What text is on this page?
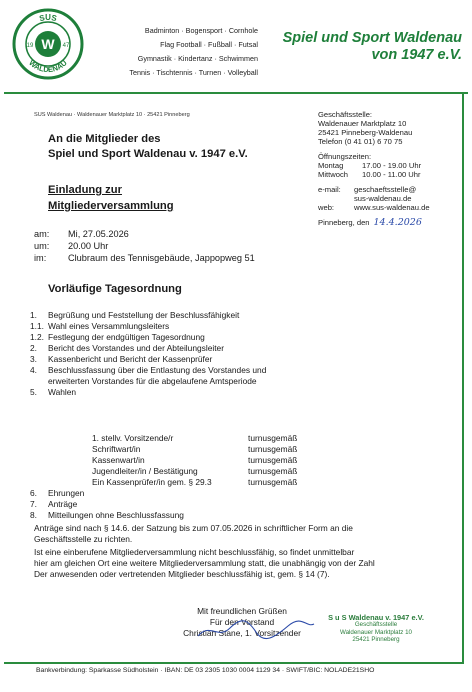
SUS
WALDENAU
W
19	47
Badminton · Bogensport · Cornhole
Flag Football · Fußball · Futsal
Gymnastik · Kindertanz · Schwimmen
Tennis · Tischtennis · Turnen · Volleyball
Spiel und Sport Waldenau
von 1947 e.V.
SUS Waldenau · Waldenauer Marktplatz 10 · 25421 Pinneberg
An die Mitglieder des
Spiel und Sport Waldenau v. 1947 e.V.
Einladung zur
Mitgliederversammlung
am:	Mi, 27.05.2026
um:	20.00 Uhr
im:	Clubraum des Tennisgebäude, Jappopweg 51
Geschäftsstelle:
Waldenauer Marktplatz 10
25421 Pinneberg-Waldenau
Telefon (0 41 01) 6 70 75
Öffnungszeiten:
Montag	17.00 - 19.00 Uhr
Mittwoch	10.00 - 11.00 Uhr
e-mail:	geschaeftsstelle@
sus-waldenau.de
web:	www.sus-waldenau.de
Pinneberg, den 14.4.2026
Vorläufige Tagesordnung
1.	Begrüßung und Feststellung der Beschlussfähigkeit
1.1. Wahl eines Versammlungsleiters
1.2. Festlegung der endgültigen Tagesordnung
2.	Bericht des Vorstandes und der Abteilungsleiter
3.	Kassenbericht und Bericht der Kassenprüfer
4.	Beschlussfassung über die Entlastung des Vorstandes und
erweiterten Vorstandes für die abgelaufene Amtsperiode
5.	Wahlen
1. stellv. Vorsitzende/r	turnusgemäß
Schriftwart/in	turnusgemäß
Kassenwart/in	turnusgemäß
Jugendleiter/in / Bestätigung	turnusgemäß
Ein Kassenprüfer/in gem. § 29.3	turnusgemäß
6.	Ehrungen
7.	Anträge
8.	Mitteilungen ohne Beschlussfassung
Anträge sind nach § 14.6. der Satzung bis zum 07.05.2026 in schriftlicher Form an die
Geschäftsstelle zu richten.
Ist eine einberufene Mitgliederversammlung nicht beschlussfähig, so findet unmittelbar
hier am gleichen Ort eine weitere Mitgliederversammlung statt, die unabhängig von der Zahl
Der anwesenden oder vertretenden Mitglieder beschlussfähig ist, gem. § 14 (7).
Mit freundlichen Grüßen
Für den Vorstand
Christian Stane, 1. Vorsitzender
S u S Waldenau v. 1947 e.V.
Geschäftsstelle
Waldenauer Marktplatz 10
25421 Pinneberg
Bankverbindung: Sparkasse Südholstein · IBAN: DE 03 2305 1030 0004 1129 34 · SWIFT/BIC: NOLADE21SHO
